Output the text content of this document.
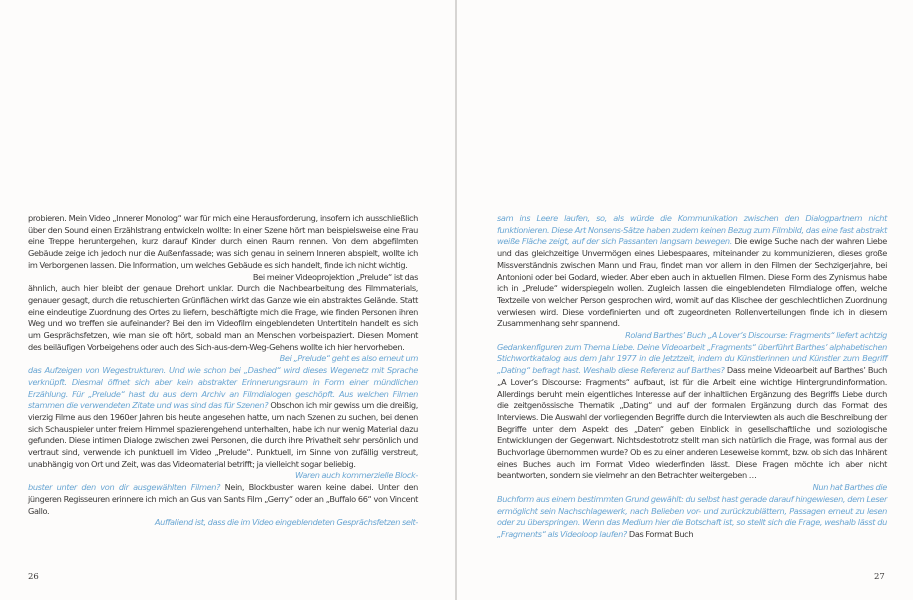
probieren. Mein Video „Innerer Monolog“ war für mich eine Herausforderung, insofern ich ausschließlich über den Sound einen Erzählstrang entwickeln wollte: In einer Szene hört man beispielsweise eine Frau eine Treppe heruntergehen, kurz darauf Kinder durch einen Raum rennen. Von dem abgefilmten Gebäude zeige ich jedoch nur die Außenfassade; was sich genau in seinem Inneren abspielt, wollte ich im Verborgenen lassen. Die Information, um welches Gebäude es sich handelt, finde ich nicht wichtig.

Bei meiner Videoprojektion „Prelude“ ist das
ähnlich, auch hier bleibt der genaue Drehort unklar. Durch die Nachbearbeitung des Filmmaterials, genauer gesagt, durch die retuschierten Grünflächen wirkt das Ganze wie ein abstraktes Gelände. Statt eine eindeutige Zuordnung des Ortes zu liefern, beschäftigte mich die Frage, wie finden Personen ihren Weg und wo treffen sie aufeinander? Bei den im Videofilm eingeblendeten Untertiteln handelt es sich um Gesprächsfetzen, wie man sie oft hört, sobald man an Menschen vorbeispaziert. Diesen Moment des beiläufigen Vorbeigehens oder auch des Sich-aus-dem-Weg-Gehens wollte ich hier hervorheben.

Bei „Prelude“ geht es also erneut um
das Aufzeigen von Wegestrukturen. Und wie schon bei „Dashed“ wird dieses Wegenetz mit Sprache verknüpft. Diesmal öffnet sich aber kein abstrakter Erinnerungsraum in Form einer mündlichen Erzählung. Für „Prelude“ hast du aus dem Archiv an Filmdialogen geschöpft. Aus welchen Filmen stammen die verwendeten Zitate und was sind das für Szenen? Obschon ich mir gewiss um die dreißig, vierzig Filme aus den 1960er Jahren bis heute angesehen hatte, um nach Szenen zu suchen, bei denen sich Schauspieler unter freiem Himmel spazierengehend unterhalten, habe ich nur wenig Material dazu gefunden. Diese intimen Dialoge zwischen zwei Personen, die durch ihre Privatheit sehr persönlich und vertraut sind, verwende ich punktuell im Video „Prelude“. Punktuell, im Sinne von zufällig verstreut, unabhängig von Ort und Zeit, was das Videomaterial betrifft; ja vielleicht sogar beliebig.

Waren auch kommerzielle Block-
buster unter den von dir ausgewählten Filmen? Nein, Blockbuster waren keine dabei. Unter den jüngeren Regisseuren erinnere ich mich an Gus van Sants Film „Gerry“ oder an „Buffalo 66“ von Vincent Gallo.

Auffaliend ist, dass die im Video eingeblendeten Gesprächsfetzen selt-

sam ins Leere laufen, so, als würde die Kommunikation zwischen den Dialogpartnern nicht funktionieren. Diese Art Nonsens-Sätze haben zudem keinen Bezug zum Filmbild, das eine fast abstrakt weiße Fläche zeigt, auf der sich Passanten langsam bewegen. Die ewige Suche nach der wahren Liebe und das gleichzeitige Unvermögen eines Liebespaares, miteinander zu kommunizieren, dieses große Missverständnis zwischen Mann und Frau, findet man vor allem in den Filmen der Sechzigerjahre, bei Antonioni oder bei Godard, wieder. Aber eben auch in aktuellen Filmen. Diese Form des Zynismus habe ich in „Prelude“ widerspiegeln wollen. Zugleich lassen die eingeblendeten Filmdialoge offen, welche Textzeile von welcher Person gesprochen wird, womit auf das Klischee der geschlechtlichen Zuordnung verwiesen wird. Diese vordefinierten und oft zugeordneten Rollenverteilungen finde ich in diesem Zusammenhang sehr spannend.

Roland Barthes’ Buch „A Lover’s Discourse: Fragments“ liefert achtzig
Gedankenfiguren zum Thema Liebe. Deine Videoarbeit „Fragments“ überführt Barthes’ alphabetischen Stichwortkatalog aus dem Jahr 1977 in die Jetztzeit, indem du Künstlerinnen und Künstler zum Begriff „Dating“ befragt hast. Weshalb diese Referenz auf Barthes? Dass meine Videoarbeit auf Barthes’ Buch „A Lover’s Discourse: Fragments“ aufbaut, ist für die Arbeit eine wichtige Hintergrundinformation. Allerdings beruht mein eigentliches Interesse auf der inhaltlichen Ergänzung des Begriffs Liebe durch die zeitgenössische Thematik „Dating“ und auf der formalen Ergänzung durch das Format des Interviews. Die Auswahl der vorliegenden Begriffe durch die Interviewten als auch die Beschreibung der Begriffe unter dem Aspekt des „Daten“ geben Einblick in gesellschaftliche und soziologische Entwicklungen der Gegenwart. Nichtsdestotrotz stellt man sich natürlich die Frage, was formal aus der Buchvorlage übernommen wurde? Ob es zu einer anderen Leseweise kommt, bzw. ob sich das Inhärent eines Buches auch im Format Video wiederfinden lässt. Diese Fragen möchte ich aber nicht beantworten, sondern sie vielmehr an den Betrachter weitergeben …

Nun hat Barthes die
Buchform aus einem bestimmten Grund gewählt: du selbst hast gerade darauf hingewiesen, dem Leser ermöglicht sein Nachschlagewerk, nach Belieben vor- und zurückzublättern, Passagen erneut zu lesen oder zu überspringen. Wenn das Medium hier die Botschaft ist, so stellt sich die Frage, weshalb lässt du „Fragments“ als Videoloop laufen? Das Format Buch

26	27
